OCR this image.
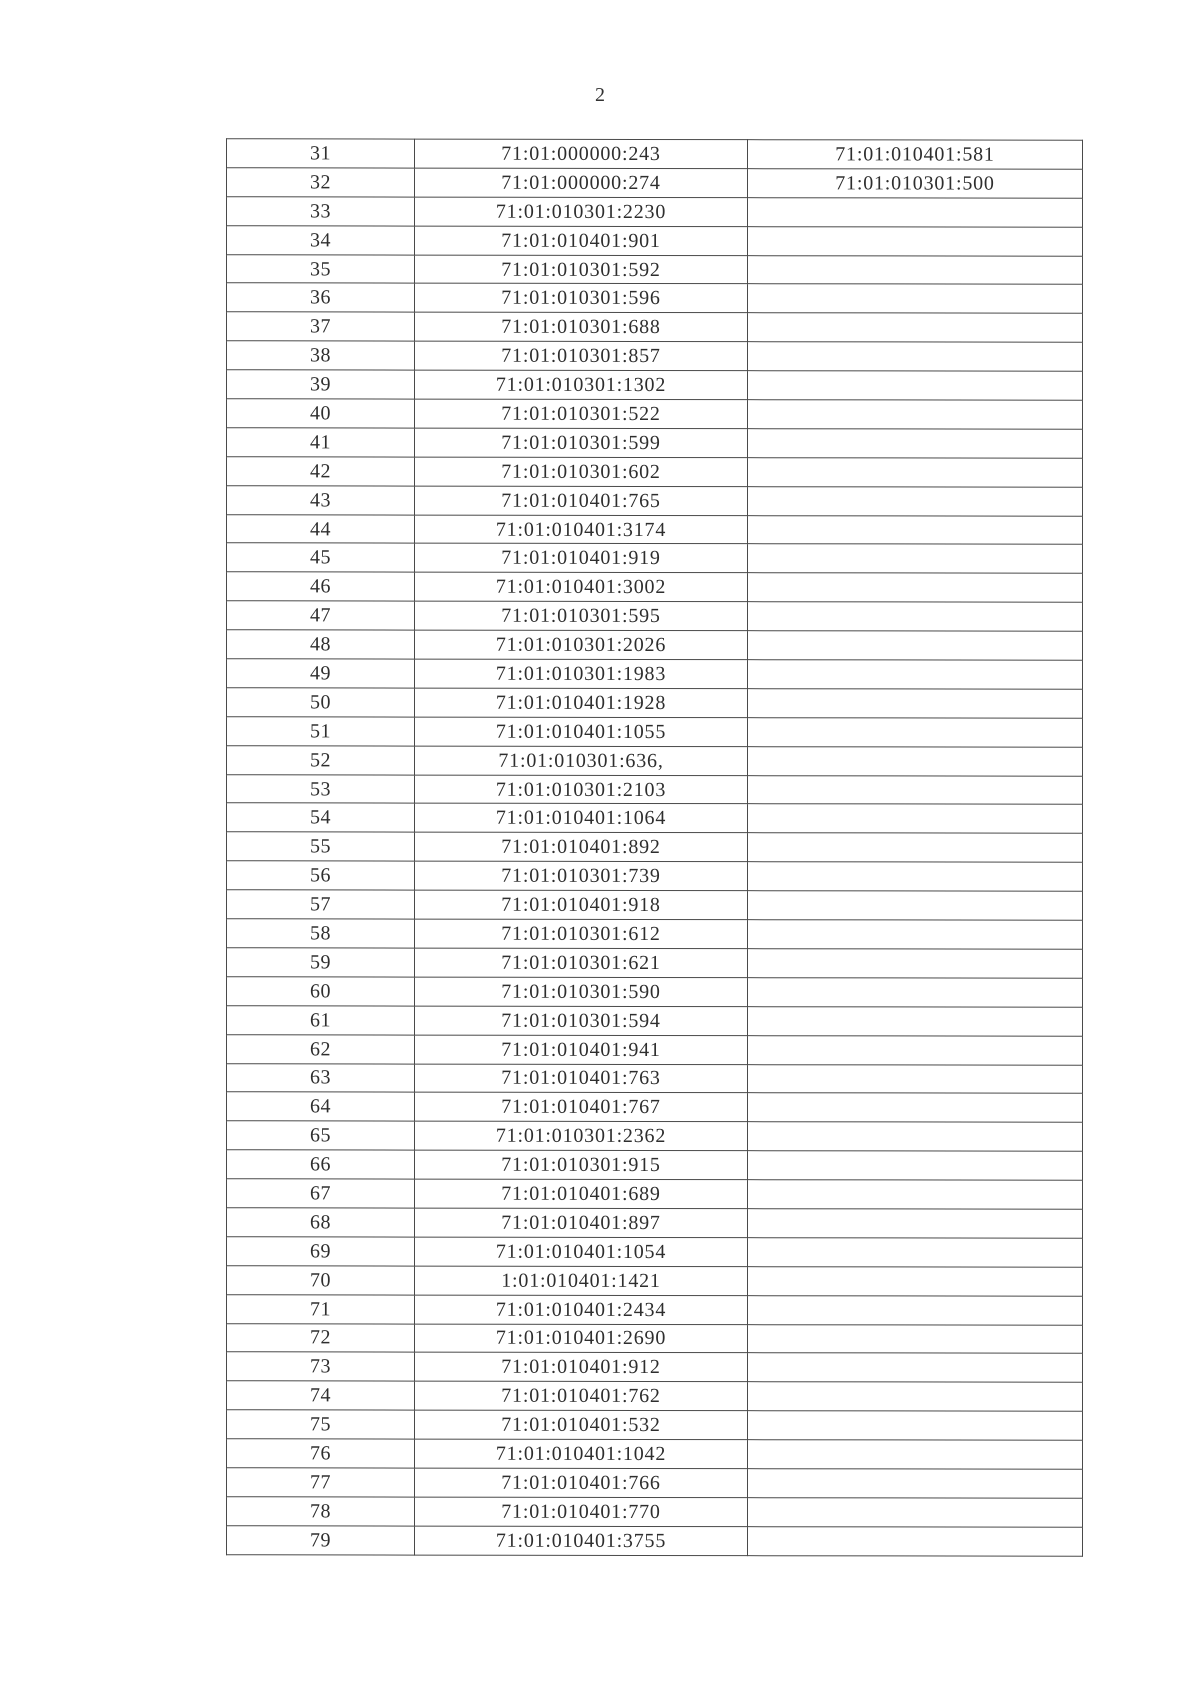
2
31	71:01:000000:243	71:01:010401:581
32	71:01:000000:274	71:01:010301:500
33	71:01:010301:2230	
34	71:01:010401:901	
35	71:01:010301:592	
36	71:01:010301:596	
37	71:01:010301:688	
38	71:01:010301:857	
39	71:01:010301:1302	
40	71:01:010301:522	
41	71:01:010301:599	
42	71:01:010301:602	
43	71:01:010401:765	
44	71:01:010401:3174	
45	71:01:010401:919	
46	71:01:010401:3002	
47	71:01:010301:595	
48	71:01:010301:2026	
49	71:01:010301:1983	
50	71:01:010401:1928	
51	71:01:010401:1055	
52	71:01:010301:636,	
53	71:01:010301:2103	
54	71:01:010401:1064	
55	71:01:010401:892	
56	71:01:010301:739	
57	71:01:010401:918	
58	71:01:010301:612	
59	71:01:010301:621	
60	71:01:010301:590	
61	71:01:010301:594	
62	71:01:010401:941	
63	71:01:010401:763	
64	71:01:010401:767	
65	71:01:010301:2362	
66	71:01:010301:915	
67	71:01:010401:689	
68	71:01:010401:897	
69	71:01:010401:1054	
70	1:01:010401:1421	
71	71:01:010401:2434	
72	71:01:010401:2690	
73	71:01:010401:912	
74	71:01:010401:762	
75	71:01:010401:532	
76	71:01:010401:1042	
77	71:01:010401:766	
78	71:01:010401:770	
79	71:01:010401:3755	
